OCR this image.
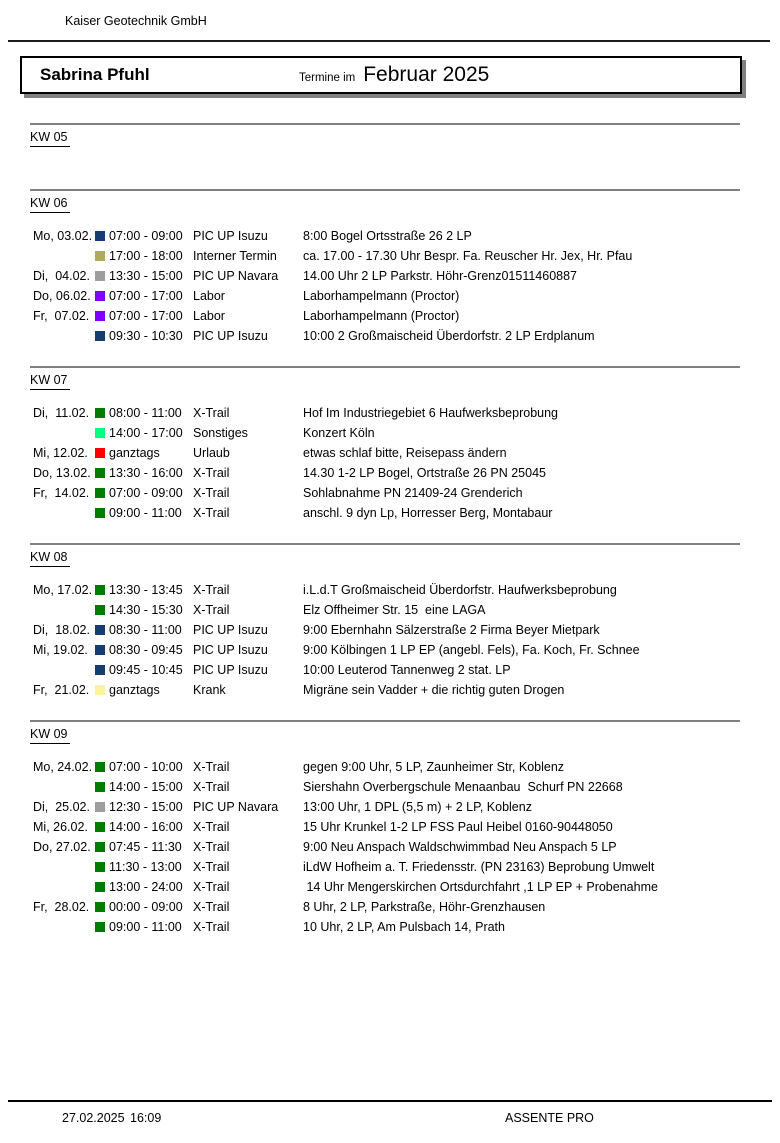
Kaiser Geotechnik GmbH
Sabrina Pfuhl	Termine im Februar 2025
KW 05
KW 06
Mo, 03.02. 07:00 - 09:00 PIC UP Isuzu	8:00 Bogel Ortsstraße 26 2 LP
17:00 - 18:00 Interner Termin	ca. 17.00 - 17.30 Uhr Bespr. Fa. Reuscher Hr. Jex, Hr. Pfau
Di,  04.02.	13:30 - 15:00 PIC UP Navara	14.00 Uhr 2 LP Parkstr. Höhr-Grenz01511460887
Do, 06.02.	07:00 - 17:00 Labor	Laborhampelmann (Proctor)
Fr,  07.02.	07:00 - 17:00 Labor	Laborhampelmann (Proctor)
09:30 - 10:30 PIC UP Isuzu	10:00 2 Großmaischeid Überdorfstr. 2 LP Erdplanum
KW 07
Di,  11.02.	08:00 - 11:00 X-Trail	Hof Im Industriegebiet 6 Haufwerksbeprobung
14:00 - 17:00 Sonstiges	Konzert Köln
Mi, 12.02.	ganztags	Urlaub	etwas schlaf bitte, Reisepass ändern
Do, 13.02.	13:30 - 16:00 X-Trail	14.30 1-2 LP Bogel, Ortstraße 26 PN 25045
Fr,  14.02.	07:00 - 09:00 X-Trail	Sohlabnahme PN 21409-24 Grenderich
09:00 - 11:00 X-Trail	anschl. 9 dyn Lp, Horresser Berg, Montabaur
KW 08
Mo, 17.02. 13:30 - 13:45 X-Trail	i.L.d.T Großmaischeid Überdorfstr. Haufwerksbeprobung
14:30 - 15:30 X-Trail	Elz Offheimer Str. 15  eine LAGA
Di,  18.02.	08:30 - 11:00 PIC UP Isuzu	9:00 Ebernhahn Sälzerstraße 2 Firma Beyer Mietpark
Mi, 19.02.	08:30 - 09:45 PIC UP Isuzu	9:00 Kölbingen 1 LP EP (angebl. Fels), Fa. Koch, Fr. Schnee
09:45 - 10:45 PIC UP Isuzu	10:00 Leuterod Tannenweg 2 stat. LP
Fr,  21.02.	ganztags	Krank	Migräne sein Vadder + die richtig guten Drogen
KW 09
Mo, 24.02. 07:00 - 10:00 X-Trail	gegen 9:00 Uhr, 5 LP, Zaunheimer Str, Koblenz
14:00 - 15:00 X-Trail	Siershahn Overbergschule Menaanbau  Schurf PN 22668
Di,  25.02.	12:30 - 15:00 PIC UP Navara	13:00 Uhr, 1 DPL (5,5 m) + 2 LP, Koblenz
Mi, 26.02.	14:00 - 16:00 X-Trail	15 Uhr Krunkel 1-2 LP FSS Paul Heibel 0160-90448050
Do, 27.02.	07:45 - 11:30 X-Trail	9:00 Neu Anspach Waldschwimmbad Neu Anspach 5 LP
11:30 - 13:00 X-Trail	iLdW Hofheim a. T. Friedensstr. (PN 23163) Beprobung Umwelt
13:00 - 24:00 X-Trail	14 Uhr Mengerskirchen Ortsdurchfahrt ,1 LP EP + Probenahme
Fr,  28.02.	00:00 - 09:00 X-Trail	8 Uhr, 2 LP, Parkstraße, Höhr-Grenzhausen
09:00 - 11:00 X-Trail	10 Uhr, 2 LP, Am Pulsbach 14, Prath
27.02.2025 16:09	ASSENTE PRO
